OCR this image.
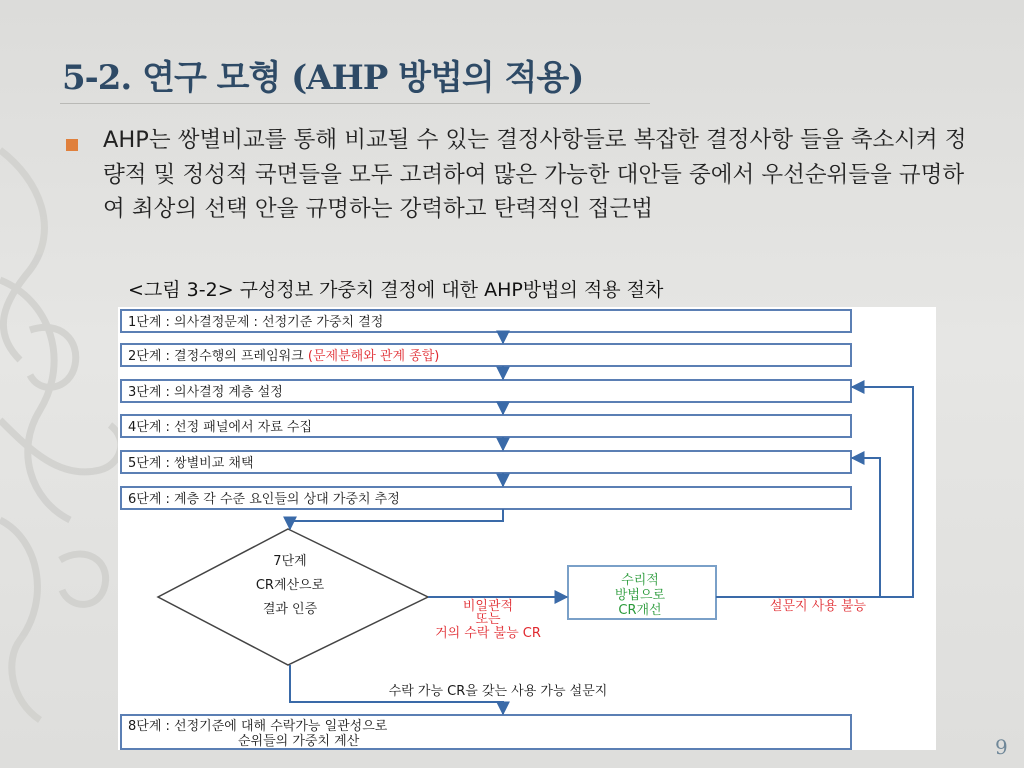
5-2. 연구 모형 (AHP 방법의 적용)
AHP는 쌍별비교를 통해 비교될 수 있는 결정사항들로 복잡한 결정사항 들을 축소시켜 정량적 및 정성적 국면들을 모두 고려하여 많은 가능한 대안들 중에서 우선순위들을 규명하여 최상의 선택 안을 규명하는 강력하고 탄력적인 접근법
<그림 3-2> 구성정보 가중치 결정에 대한 AHP방법의 적용 절차
1단계 : 의사결정문제 : 선정기준 가중치 결정
2단계 : 결정수행의 프레임워크 (문제분해와 관계 종합)
3단계 : 의사결정 계층 설정
4단계 : 선정 패널에서 자료 수집
5단계 : 쌍별비교 채택
6단계 : 계층 각 수준 요인들의 상대 가중치 추정
7단계
CR계산으로
결과 인증
수리적
방법으로
CR개선
비일관적
또는
거의 수락 불능 CR
설문지 사용 불능
수락 가능 CR을 갖는 사용 가능 설문지
8단계 : 선정기준에 대해 수락가능 일관성으로
순위들의 가중치 계산	9
